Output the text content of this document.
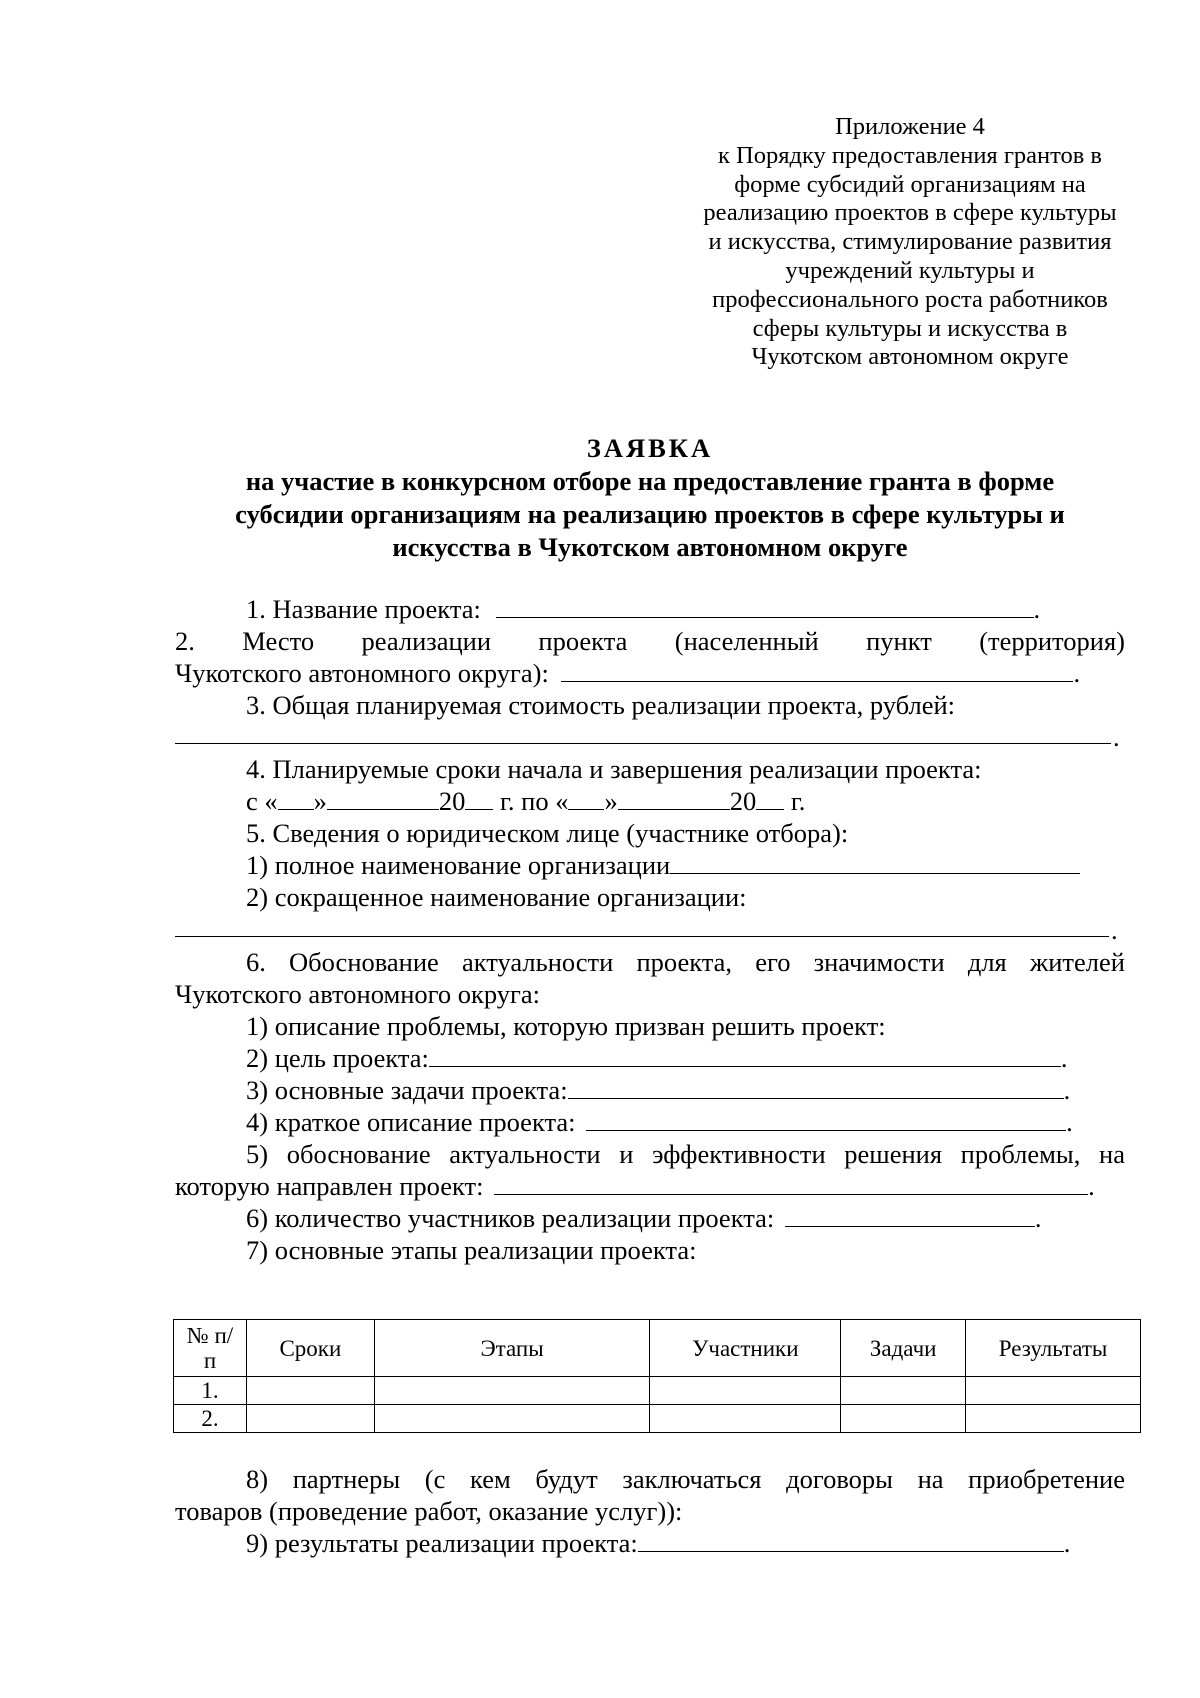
Приложение 4
к Порядку предоставления грантов в
форме субсидий организациям на
реализацию проектов в сфере культуры
и искусства, стимулирование развития
учреждений культуры и
профессионального роста работников
сферы культуры и искусства в
Чукотском автономном округе
ЗАЯВКА
на участие в конкурсном отборе на предоставление гранта в форме
субсидии организациям на реализацию проектов в сфере культуры и
искусства в Чукотском автономном округе
1. Название проекта:	.
2. Место реализации проекта (населенный пункт (территория)
Чукотского автономного округа):	.
3. Общая планируемая стоимость реализации проекта, рублей:
.
4. Планируемые сроки начала и завершения реализации проекта:
с « »	20 г. по « »	20 г.
5. Сведения о юридическом лице (участнике отбора):
1) полное наименование организации
2) сокращенное наименование организации:
.
6. Обоснование актуальности проекта, его значимости для жителей
Чукотского автономного округа:
1) описание проблемы, которую призван решить проект:
2) цель проекта:	.
3) основные задачи проекта:	.
4) краткое описание проекта:	.
5) обоснование актуальности и эффективности решения проблемы, на
которую направлен проект:	.
6) количество участников реализации проекта:	.
7) основные этапы реализации проекта:
№ п/п	Сроки	Этапы	Участники	Задачи	Результаты
1.					
2.					
8) партнеры (с кем будут заключаться договоры на приобретение
товаров (проведение работ, оказание услуг)):
9) результаты реализации проекта:	.
